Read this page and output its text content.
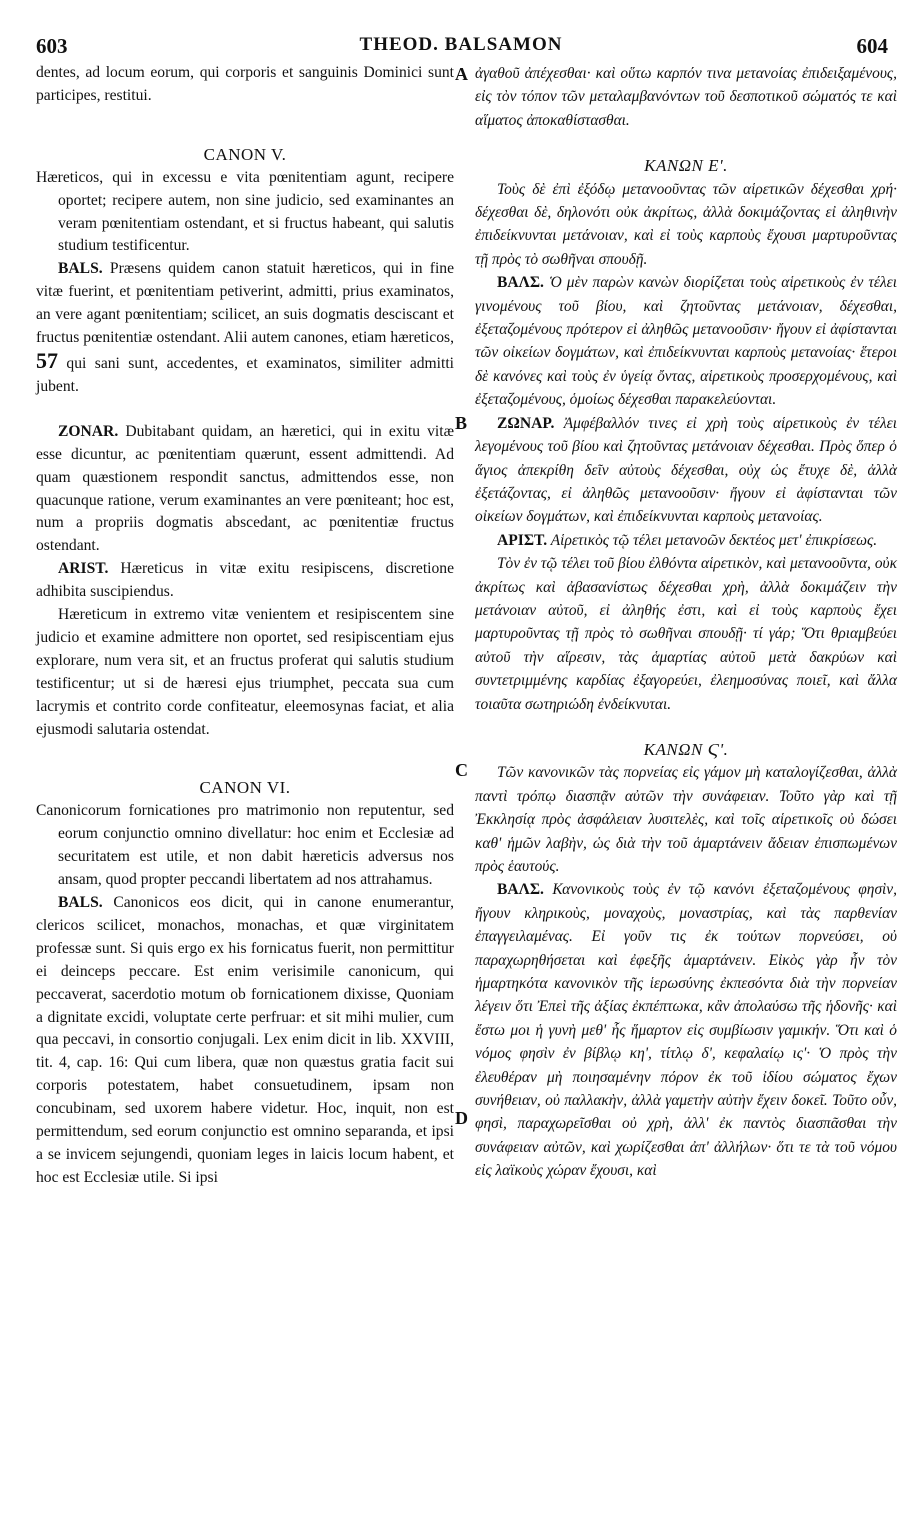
603	THEOD. BALSAMON	604
A
B
C
D

dentes, ad locum eorum, qui corporis et sanguinis Dominici sunt participes, restitui.

CANON V.

Hæreticos, qui in excessu e vita pœnitentiam agunt, recipere oportet; recipere autem, non sine judicio, sed examinantes an veram pœnitentiam ostendant, et si fructus habeant, qui salutis studium testificentur.

BALS. Præsens quidem canon statuit hæreticos, qui in fine vitæ fuerint, et pœnitentiam petiverint, admitti, prius examinatos, an vere agant pœnitentiam; scilicet, an suis dogmatis desciscant et fructus pœnitentiæ ostendant. Alii autem canones, etiam hæreticos, 57 qui sani sunt, accedentes, et examinatos, similiter admitti jubent.

ZONAR. Dubitabant quidam, an hæretici, qui in exitu vitæ esse dicuntur, ac pœnitentiam quærunt, essent admittendi. Ad quam quæstionem respondit sanctus, admittendos esse, non quacunque ratione, verum examinantes an vere pœniteant; hoc est, num a propriis dogmatis abscedant, ac pœnitentiæ fructus ostendant.

ARIST. Hæreticus in vitæ exitu resipiscens, discretione adhibita suscipiendus.

Hæreticum in extremo vitæ venientem et resipiscentem sine judicio et examine admittere non oportet, sed resipiscentiam ejus explorare, num vera sit, et an fructus proferat qui salutis studium testificentur; ut si de hæresi ejus triumphet, peccata sua cum lacrymis et contrito corde confiteatur, eleemosynas faciat, et alia ejusmodi salutaria ostendat.

CANON VI.

Canonicorum fornicationes pro matrimonio non reputentur, sed eorum conjunctio omnino divellatur: hoc enim et Ecclesiæ ad securitatem est utile, et non dabit hæreticis adversus nos ansam, quod propter peccandi libertatem ad nos attrahamus.

BALS. Canonicos eos dicit, qui in canone enumerantur, clericos scilicet, monachos, monachas, et quæ virginitatem professæ sunt. Si quis ergo ex his fornicatus fuerit, non permittitur ei deinceps peccare. Est enim verisimile canonicum, qui peccaverat, sacerdotio motum ob fornicationem dixisse, Quoniam a dignitate excidi, voluptate certe perfruar: et sit mihi mulier, cum qua peccavi, in consortio conjugali. Lex enim dicit in lib. XXVIII, tit. 4, cap. 16: Qui cum libera, quæ non quæstus gratia facit sui corporis potestatem, habet consuetudinem, ipsam non concubinam, sed uxorem habere videtur. Hoc, inquit, non est permittendum, sed eorum conjunctio est omnino separanda, et ipsi a se invicem sejungendi, quoniam leges in laicis locum habent, et hoc est Ecclesiæ utile. Si ipsi

ἀγαθοῦ ἀπέχεσθαι· καὶ οὕτω καρπόν τινα μετανοίας ἐπιδειξαμένους, εἰς τὸν τόπον τῶν μεταλαμβανόντων τοῦ δεσποτικοῦ σώματός τε καὶ αἵματος ἀποκαθίστασθαι.

ΚΑΝΩΝ Ε'.

Τοὺς δὲ ἐπὶ ἐξόδῳ μετανοοῦντας τῶν αἱρετικῶν δέχεσθαι χρή· δέχεσθαι δὲ, δηλονότι οὐκ ἀκρίτως, ἀλλὰ δοκιμάζοντας εἰ ἀληθινὴν ἐπιδείκνυνται μετάνοιαν, καὶ εἰ τοὺς καρποὺς ἔχουσι μαρτυροῦντας τῇ πρὸς τὸ σωθῆναι σπουδῇ.

ΒΑΛΣ. Ὁ μὲν παρὼν κανὼν διορίζεται τοὺς αἱρετικοὺς ἐν τέλει γινομένους τοῦ βίου, καὶ ζητοῦντας μετάνοιαν, δέχεσθαι, ἐξεταζομένους πρότερον εἰ ἀληθῶς μετανοοῦσιν· ἤγουν εἰ ἀφίστανται τῶν οἰκείων δογμάτων, καὶ ἐπιδείκνυνται καρποὺς μετανοίας· ἕτεροι δὲ κανόνες καὶ τοὺς ἐν ὑγείᾳ ὄντας, αἱρετικοὺς προσερχομένους, καὶ ἐξεταζομένους, ὁμοίως δέχεσθαι παρακελεύονται.

ΖΩΝΑΡ. Ἀμφέβαλλόν τινες εἰ χρὴ τοὺς αἱρετικοὺς ἐν τέλει λεγομένους τοῦ βίου καὶ ζητοῦντας μετάνοιαν δέχεσθαι. Πρὸς ὅπερ ὁ ἅγιος ἀπεκρίθη δεῖν αὐτοὺς δέχεσθαι, οὐχ ὡς ἔτυχε δὲ, ἀλλὰ ἐξετάζοντας, εἰ ἀληθῶς μετανοοῦσιν· ἤγουν εἰ ἀφίστανται τῶν οἰκείων δογμάτων, καὶ ἐπιδείκνυνται καρποὺς μετανοίας.

ΑΡΙΣΤ. Αἱρετικὸς τῷ τέλει μετανοῶν δεκτέος μετ' ἐπικρίσεως.

Τὸν ἐν τῷ τέλει τοῦ βίου ἐλθόντα αἱρετικὸν, καὶ μετανοοῦντα, οὐκ ἀκρίτως καὶ ἀβασανίστως δέχεσθαι χρὴ, ἀλλὰ δοκιμάζειν τὴν μετάνοιαν αὐτοῦ, εἰ ἀληθής ἐστι, καὶ εἰ τοὺς καρποὺς ἔχει μαρτυροῦντας τῇ πρὸς τὸ σωθῆναι σπουδῇ· τί γάρ; Ὅτι θριαμβεύει αὐτοῦ τὴν αἵρεσιν, τὰς ἁμαρτίας αὐτοῦ μετὰ δακρύων καὶ συντετριμμένης καρδίας ἐξαγορεύει, ἐλεημοσύνας ποιεῖ, καὶ ἄλλα τοιαῦτα σωτηριώδη ἐνδείκνυται.

ΚΑΝΩΝ Ϛ'.

Τῶν κανονικῶν τὰς πορνείας εἰς γάμον μὴ καταλογίζεσθαι, ἀλλὰ παντὶ τρόπῳ διασπᾷν αὐτῶν τὴν συνάφειαν. Τοῦτο γὰρ καὶ τῇ Ἐκκλησίᾳ πρὸς ἀσφάλειαν λυσιτελὲς, καὶ τοῖς αἱρετικοῖς οὐ δώσει καθ' ἡμῶν λαβὴν, ὡς διὰ τὴν τοῦ ἁμαρτάνειν ἄδειαν ἐπισπωμένων πρὸς ἑαυτούς.

ΒΑΛΣ. Κανονικοὺς τοὺς ἐν τῷ κανόνι ἐξεταζομένους φησὶν, ἤγουν κληρικοὺς, μοναχοὺς, μοναστρίας, καὶ τὰς παρθενίαν ἐπαγγειλαμένας. Εἰ γοῦν τις ἐκ τούτων πορνεύσει, οὐ παραχωρηθήσεται καὶ ἐφεξῆς ἁμαρτάνειν. Εἰκὸς γὰρ ἦν τὸν ἡμαρτηκότα κανονικὸν τῆς ἱερωσύνης ἐκπεσόντα διὰ τὴν πορνείαν λέγειν ὅτι Ἐπεὶ τῆς ἀξίας ἐκπέπτωκα, κἂν ἀπολαύσω τῆς ἡδονῆς· καὶ ἔστω μοι ἡ γυνὴ μεθ' ἧς ἥμαρτον εἰς συμβίωσιν γαμικήν. Ὅτι καὶ ὁ νόμος φησὶν ἐν βίβλῳ κη', τίτλῳ δ', κεφαλαίῳ ις'· Ὁ πρὸς τὴν ἐλευθέραν μὴ ποιησαμένην πόρον ἐκ τοῦ ἰδίου σώματος ἔχων συνήθειαν, οὐ παλλακὴν, ἀλλὰ γαμετὴν αὐτὴν ἔχειν δοκεῖ. Τοῦτο οὖν, φησὶ, παραχωρεῖσθαι οὐ χρὴ, ἀλλ' ἐκ παντὸς διασπᾶσθαι τὴν συνάφειαν αὐτῶν, καὶ χωρίζεσθαι ἀπ' ἀλλήλων· ὅτι τε τὰ τοῦ νόμου εἰς λαϊκοὺς χώραν ἔχουσι, καὶ
